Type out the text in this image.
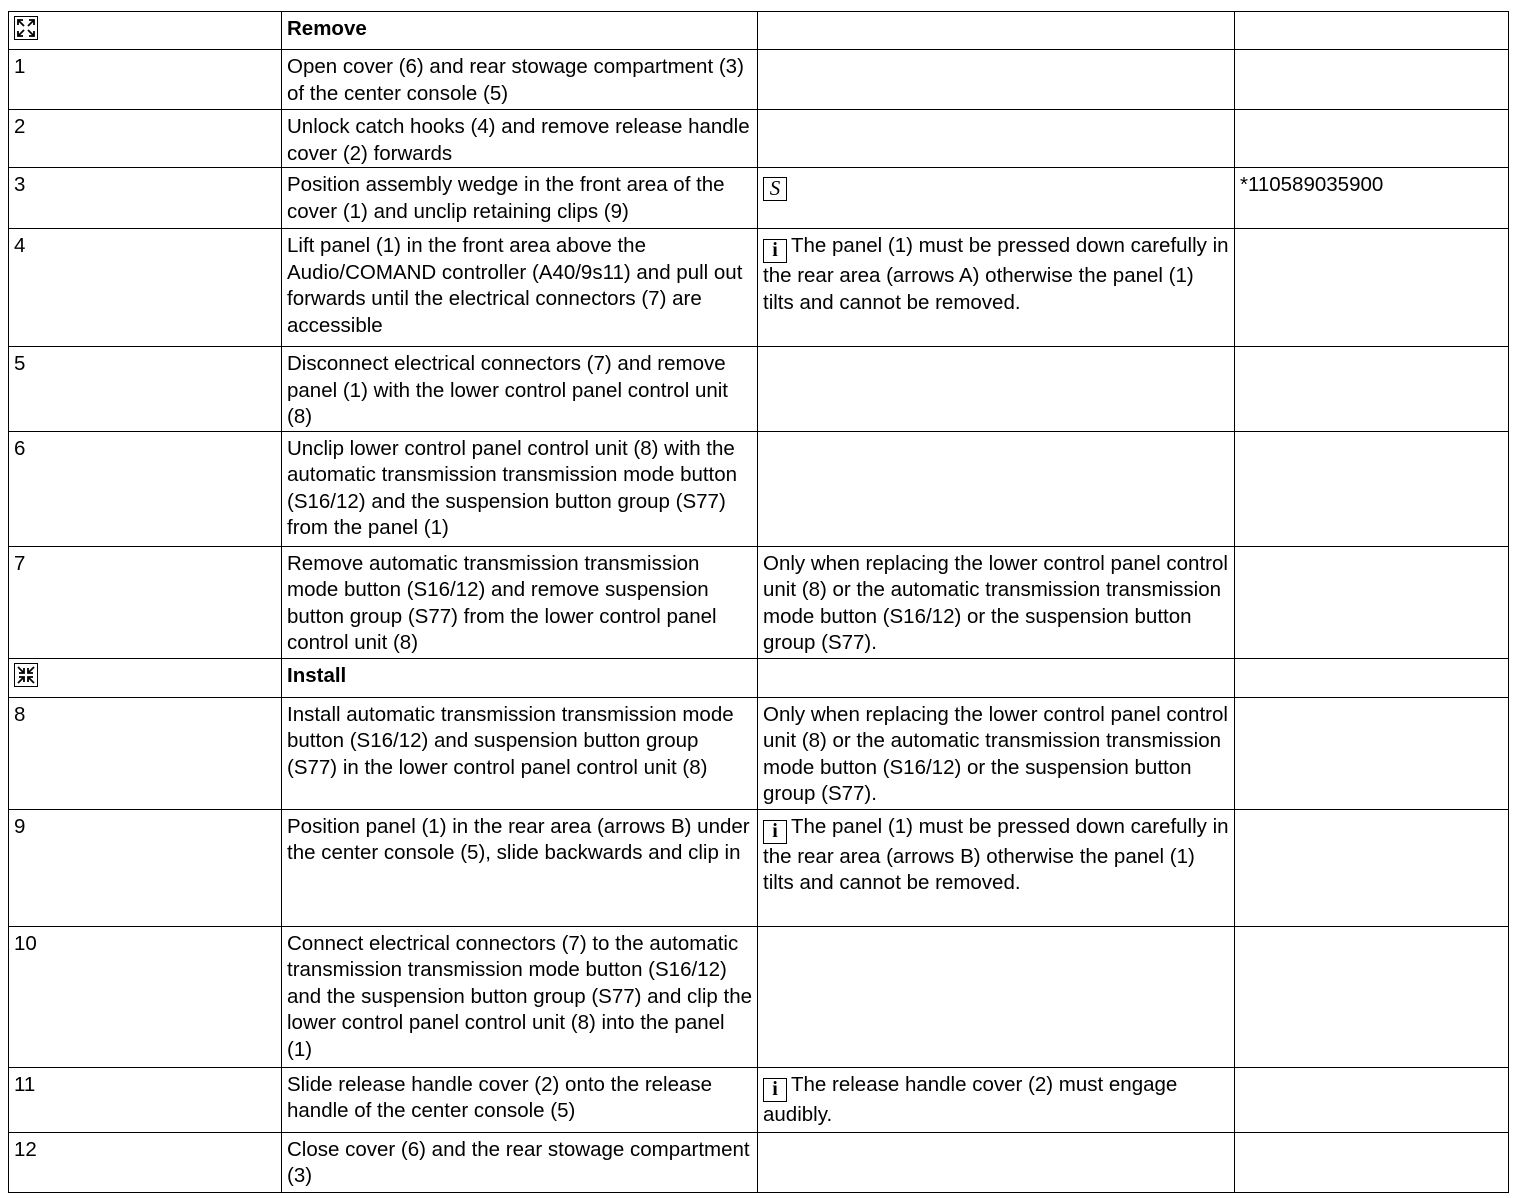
	Remove		
1	Open cover (6) and rear stowage compartment (3) of the center console (5)		
2	Unlock catch hooks (4) and remove release handle cover (2) forwards		
3	Position assembly wedge in the front area of the cover (1) and unclip retaining clips (9)	S	*110589035900
4	Lift panel (1) in the front area above the Audio/COMAND controller (A40/9s11) and pull out forwards until the electrical connectors (7) are accessible	i The panel (1) must be pressed down carefully in the rear area (arrows A) otherwise the panel (1) tilts and cannot be removed.	
5	Disconnect electrical connectors (7) and remove panel (1) with the lower control panel control unit (8)		
6	Unclip lower control panel control unit (8) with the automatic transmission transmission mode button (S16/12) and the suspension button group (S77) from the panel (1)		
7	Remove automatic transmission transmission mode button (S16/12) and remove suspension button group (S77) from the lower control panel control unit (8)	Only when replacing the lower control panel control unit (8) or the automatic transmission transmission mode button (S16/12) or the suspension button group (S77).	

	Install		
8	Install automatic transmission transmission mode button (S16/12) and suspension button group (S77) in the lower control panel control unit (8)	Only when replacing the lower control panel control unit (8) or the automatic transmission transmission mode button (S16/12) or the suspension button group (S77).	
9	Position panel (1) in the rear area (arrows B) under the center console (5), slide backwards and clip in	i The panel (1) must be pressed down carefully in the rear area (arrows B) otherwise the panel (1) tilts and cannot be removed.	
10	Connect electrical connectors (7) to the automatic transmission transmission mode button (S16/12) and the suspension button group (S77) and clip the lower control panel control unit (8) into the panel (1)		
11	Slide release handle cover (2) onto the release handle of the center console (5)	i The release handle cover (2) must engage audibly.	
12	Close cover (6) and the rear stowage compartment (3)		
